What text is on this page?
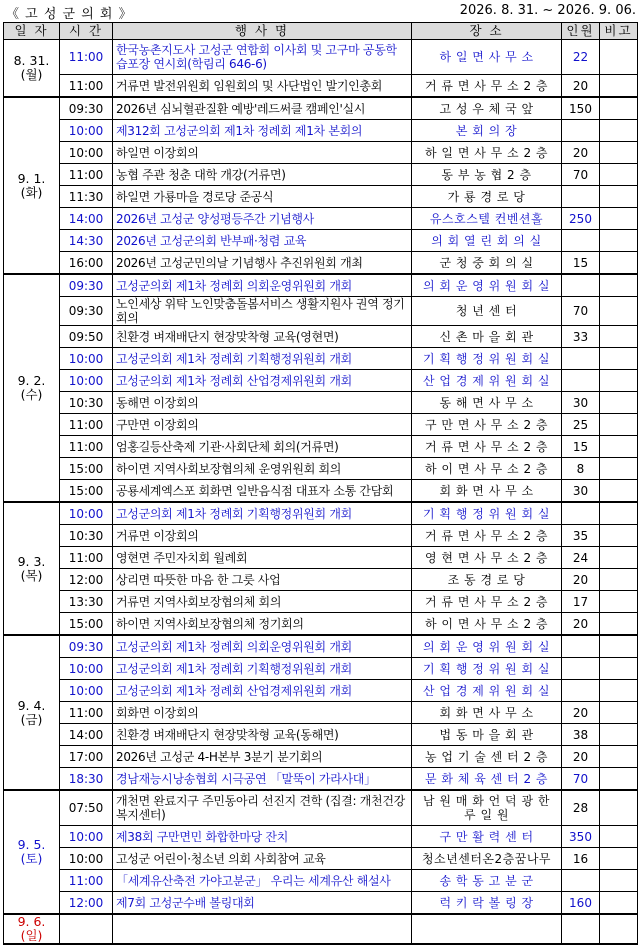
《 고 성 군 의 회 》	2026. 8. 31. ~ 2026. 9. 06.
일 자	시 간	행 사 명	장 소	인원	비고
8. 31.
(월)	11:00	한국농촌지도사 고성군 연합회 이사회 및 고구마 공동학습포장 연시회(학림리 646-6)	하 일 면 사 무 소	22	
	11:00	거류면 발전위원회 임원회의 및 사단법인 발기인총회	거 류 면 사 무 소 2 층	20	
9. 1.
(화)	09:30	2026년 심뇌혈관질환 예방'레드써클 캠페인'실시	고 성 우 체 국 앞	150	
	10:00	제312회 고성군의회 제1차 정례회 제1차 본회의	본 회 의 장		
	10:00	하일면 이장회의	하 일 면 사 무 소 2 층	20	
	11:00	농협 주관 청춘 대학 개강(거류면)	동 부 농 협 2 층	70	
	11:30	하일면 가룡마을 경로당 준공식	가 룡 경 로 당		
	14:00	2026년 고성군 양성평등주간 기념행사	유스호스텔 컨벤션홀	250	
	14:30	2026년 고성군의회 반부패·청렴 교육	의 회 열 린 회 의 실		
	16:00	2026년 고성군민의날 기념행사 추진위원회 개최	군 청 중 회 의 실	15	
9. 2.
(수)	09:30	고성군의회 제1차 정례회 의회운영위원회 개회	의 회 운 영 위 원 회 실		
	09:30	노인세상 위탁 노인맞춤돌봄서비스 생활지원사 권역 정기회의	청 년 센 터	70	
	09:50	친환경 벼재배단지 현장맞착형 교육(영현면)	신 촌 마 을 회 관	33	
	10:00	고성군의회 제1차 정례회 기획행정위원회 개회	기 획 행 정 위 원 회 실		
	10:00	고성군의회 제1차 정례회 산업경제위원회 개회	산 업 경 제 위 원 회 실		
	10:30	동해면 이장회의	동 해 면 사 무 소	30	
	11:00	구만면 이장회의	구 만 면 사 무 소 2 층	25	
	11:00	엄홍길등산축제 기관·사회단체 회의(거류면)	거 류 면 사 무 소 2 층	15	
	15:00	하이면 지역사회보장협의체 운영위원회 회의	하 이 면 사 무 소 2 층	8	
	15:00	공룡세계엑스포 회화면 일반음식점 대표자 소통 간담회	회 화 면 사 무 소	30	
9. 3.(목)	10:00	고성군의회 제1차 정례회 기획행정위원회 개회	기 획 행 정 위 원 회 실		
	10:30	거류면 이장회의	거 류 면 사 무 소 2 층	35	
	11:00	영현면 주민자치회 월례회	영 현 면 사 무 소 2 층	24	
	12:00	상리면 따뜻한 마음 한 그릇 사업	조 동 경 로 당	20	
	13:30	거류면 지역사회보장협의체 회의	거 류 면 사 무 소 2 층	17	
	15:00	하이면 지역사회보장협의체 정기회의	하 이 면 사 무 소 2 층	20	
9. 4.(금)	09:30	고성군의회 제1차 정례회 의회운영위원회 개회	의 회 운 영 위 원 회 실		
	10:00	고성군의회 제1차 정례회 기획행정위원회 개회	기 획 행 정 위 원 회 실		
	10:00	고성군의회 제1차 정례회 산업경제위원회 개회	산 업 경 제 위 원 회 실		
	11:00	회화면 이장회의	회 화 면 사 무 소	20	
	14:00	친환경 벼재배단지 현장맞착형 교육(동해면)	법 동 마 을 회 관	38	
	17:00	2026년 고성군 4-H본부 3분기 분기회의	농 업 기 술 센 터 2 층	20	
	18:30	경남재능시낭송협회 시극공연 「말뚝이 가라사대」	문 화 체 육 센 터 2 층	70	
9. 5.(토)	07:50	개천면 완료지구 주민동아리 선진지 견학 (집결: 개천건강복지센터)	남 원 매 화 언 덕 광 한 루 일 원	28	
	10:00	제38회 구만면민 화합한마당 잔치	구 만 활 력 센 터	350	
	10:00	고성군 어린이·청소년 의회 사회참여 교육	청소년센터온2층꿈나무	16	
	11:00	「세계유산축전 가야고분군」 우리는 세계유산 해설사	송 학 동 고 분 군		
	12:00	제7회 고성군수배 볼링대회	럭 키 락 볼 링 장	160	
9. 6.(일)					
